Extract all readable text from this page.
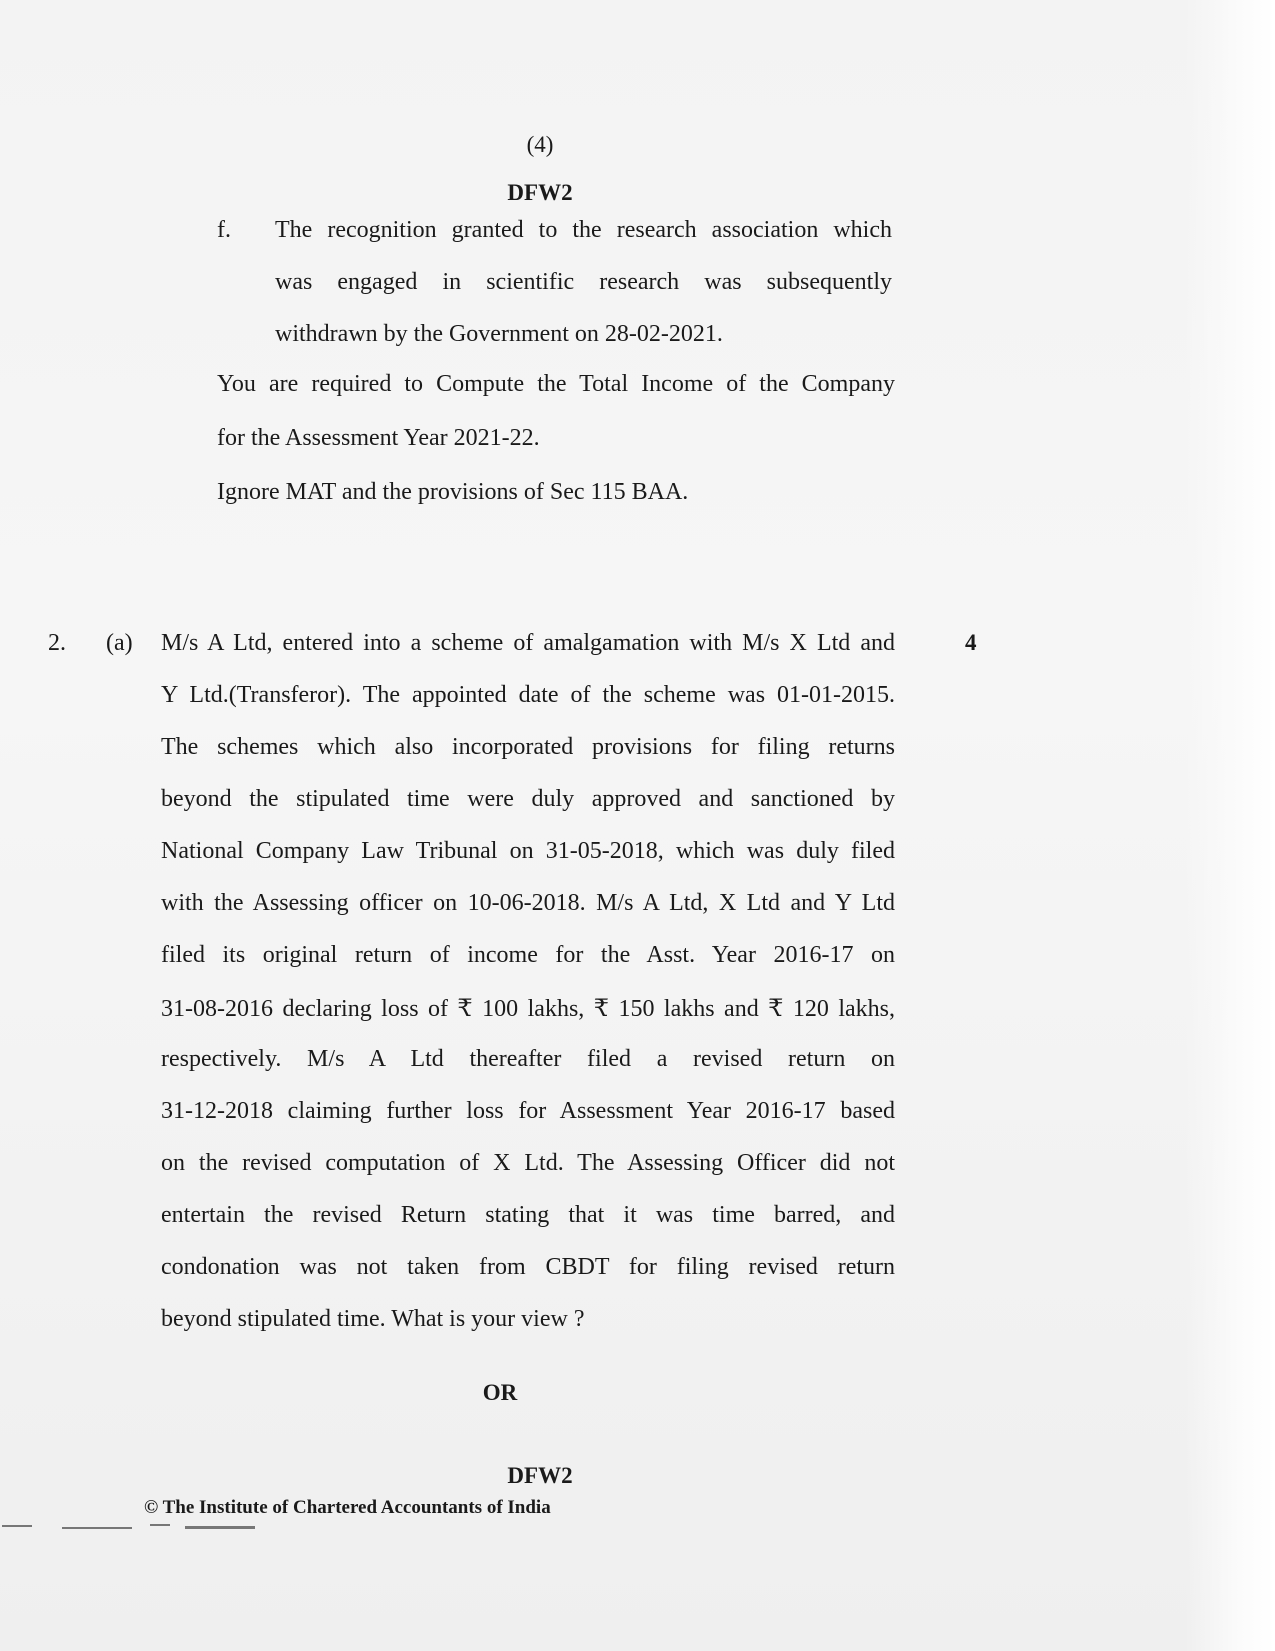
(4)
DFW2
f. The recognition granted to the research association which
was engaged in scientific research was subsequently
withdrawn by the Government on 28-02-2021.
You are required to Compute the Total Income of the Company
for the Assessment Year 2021-22.
Ignore MAT and the provisions of Sec 115 BAA.
2. (a)	4
M/s A Ltd, entered into a scheme of amalgamation with M/s X Ltd and
Y Ltd.(Transferor). The appointed date of the scheme was 01-01-2015.
The schemes which also incorporated provisions for filing returns
beyond the stipulated time were duly approved and sanctioned by
National Company Law Tribunal on 31-05-2018, which was duly filed
with the Assessing officer on 10-06-2018. M/s A Ltd, X Ltd and Y Ltd
filed its original return of income for the Asst. Year 2016-17 on
31-08-2016 declaring loss of ₹ 100 lakhs, ₹ 150 lakhs and ₹ 120 lakhs,
respectively. M/s A Ltd thereafter filed a revised return on
31-12-2018 claiming further loss for Assessment Year 2016-17 based
on the revised computation of X Ltd. The Assessing Officer did not
entertain the revised Return stating that it was time barred, and
condonation was not taken from CBDT for filing revised return
beyond stipulated time. What is your view ?
OR
DFW2
© The Institute of Chartered Accountants of India
